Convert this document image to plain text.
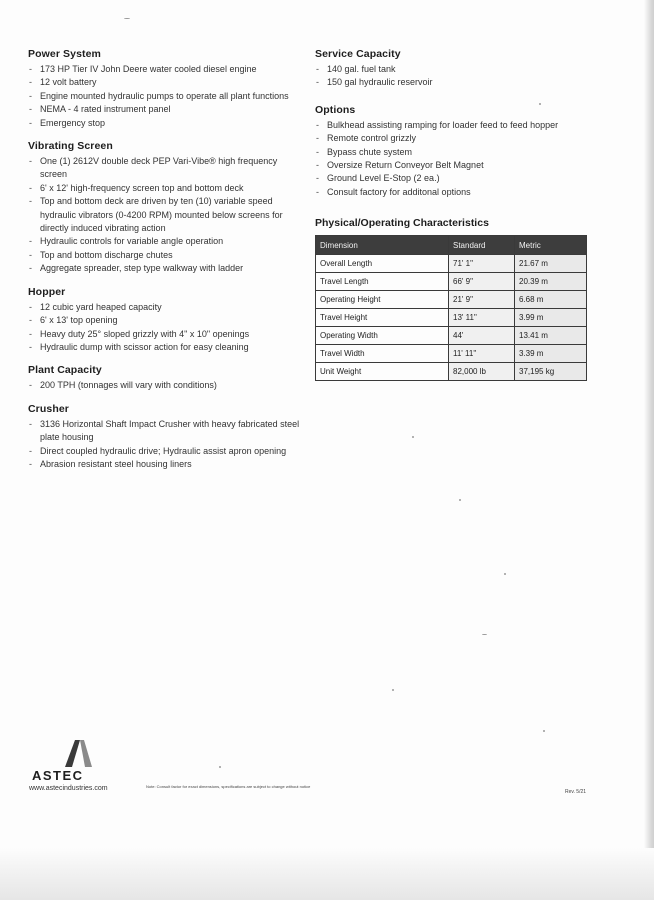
Power System
- 173 HP Tier IV John Deere water cooled diesel engine
- 12 volt battery
- Engine mounted hydraulic pumps to operate all plant functions
- NEMA - 4 rated instrument panel
- Emergency stop
Vibrating Screen
- One (1) 2612V double deck PEP Vari-Vibe® high frequency screen
- 6' x 12' high-frequency screen top and bottom deck
- Top and bottom deck are driven by ten (10) variable speed hydraulic vibrators (0-4200 RPM) mounted below screens for directly induced vibrating action
- Hydraulic controls for variable angle operation
- Top and bottom discharge chutes
- Aggregate spreader, step type walkway with ladder
Hopper
- 12 cubic yard heaped capacity
- 6' x 13' top opening
- Heavy duty 25° sloped grizzly with 4" x 10" openings
- Hydraulic dump with scissor action for easy cleaning
Plant Capacity
- 200 TPH (tonnages will vary with conditions)
Crusher
- 3136 Horizontal Shaft Impact Crusher with heavy fabricated steel plate housing
- Direct coupled hydraulic drive; Hydraulic assist apron opening
- Abrasion resistant steel housing liners
Service Capacity
- 140 gal. fuel tank
- 150 gal hydraulic reservoir
Options
- Bulkhead assisting ramping for loader feed to feed hopper
- Remote control grizzly
- Bypass chute system
- Oversize Return Conveyor Belt Magnet
- Ground Level E-Stop (2 ea.)
- Consult factory for additonal options
Physical/Operating Characteristics
Dimension	Standard	Metric
Overall Length	71' 1"	21.67 m
Travel Length	66' 9"	20.39 m
Operating Height	21' 9"	6.68 m
Travel Height	13' 11"	3.99 m
Operating Width	44'	13.41 m
Travel Width	11' 11"	3.39 m
Unit Weight	82,000 lb	37,195 kg
ASTEC
www.astecindustries.com	Note: Consult factor for exact dimensions, specifications are subject to change without notice
Rev. 5/21
